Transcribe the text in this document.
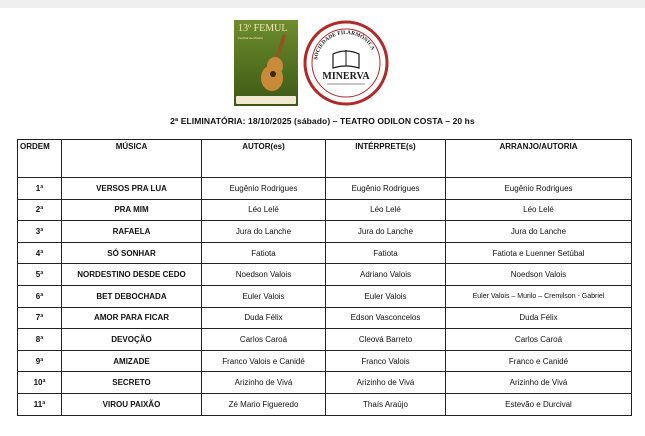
13º FEMUL
Festival de Música
SOCIEDADE FILARMÔNICA
MINERVA
2ª ELIMINATÓRIA: 18/10/2025 (sábado) – TEATRO ODILON COSTA – 20 hs
ORDEM	MÚSICA	AUTOR(es)	INTÉRPRETE(s)	ARRANJO/AUTORIA
1ª	VERSOS PRA LUA	Eugênio Rodrigues	Eugênio Rodrigues	Eugênio Rodrigues
2ª	PRA MIM	Léo Lelé	Léo Lelé	Léo Lelé
3ª	RAFAELA	Jura do Lanche	Jura do Lanche	Jura do Lanche
4ª	SÓ SONHAR	Fatiota	Fatiota	Fatiota e Luenner Setúbal
5ª	NORDESTINO DESDE CEDO	Noedson Valois	Adriano Valois	Noedson Valois
6ª	BET DEBOCHADA	Euler Valois	Euler Valois	Euler Valois – Murilo – Cremilson - Gabriel
7ª	AMOR PARA FICAR	Duda Félix	Edson Vasconcelos	Duda Félix
8ª	DEVOÇÃO	Carlos Caroá	Cleová Barreto	Carlos Caroá
9ª	AMIZADE	Franco Valois e Canidé	Franco Valois	Franco e Canidé
10ª	SECRETO	Arizinho de Vivá	Arizinho de Vivá	Arizinho de Vivá
11ª	VIROU PAIXÃO	Zé Mario Figueredo	Thaís Araújo	Estevão e Durcival
